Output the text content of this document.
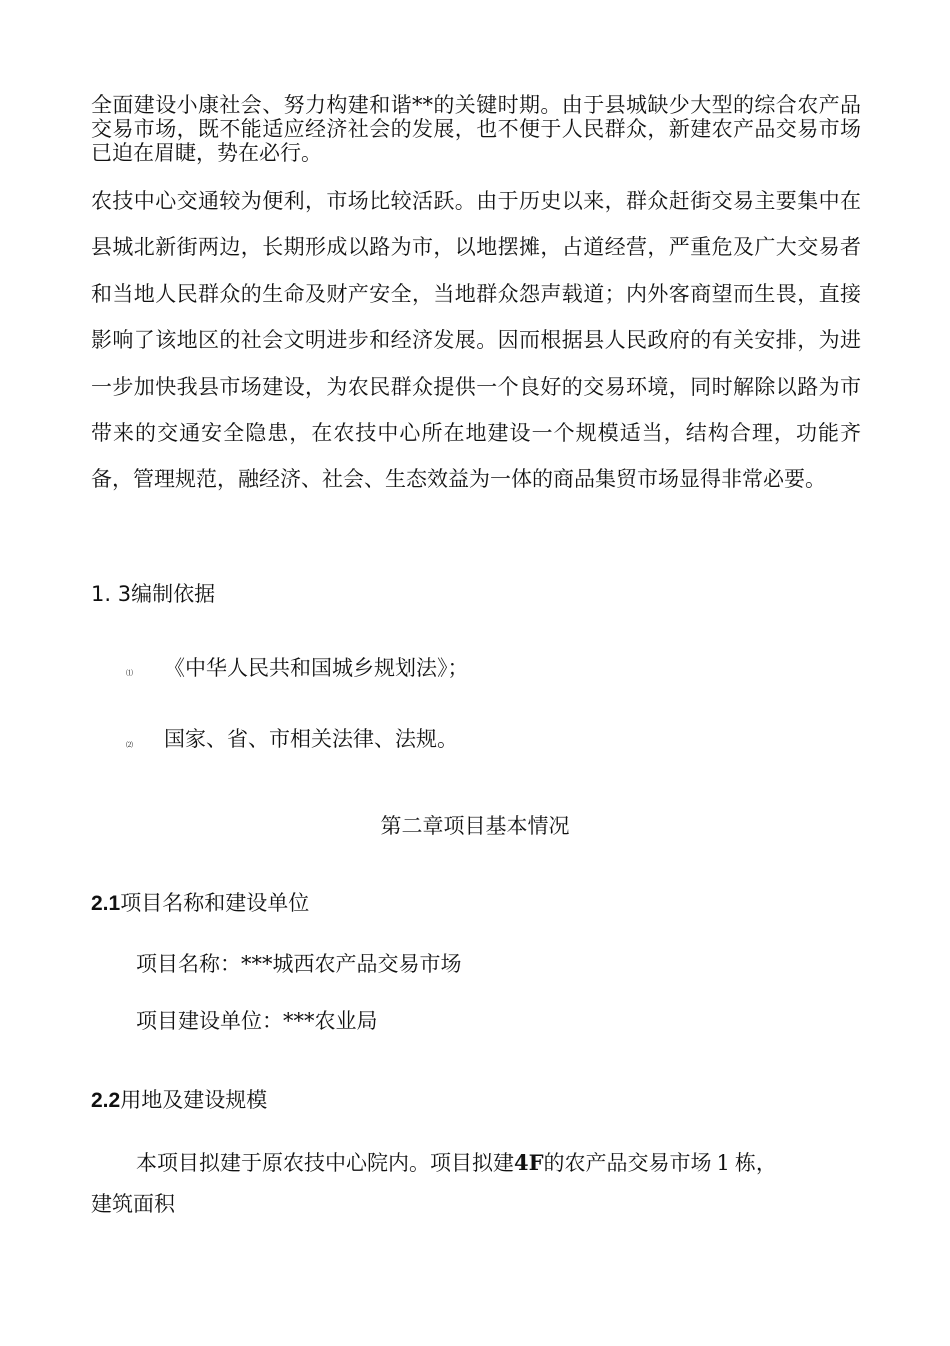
全面建设小康社会、努力构建和谐**的关键时期。由于县城缺少大型的综合农产品交易市场，既不能适应经济社会的发展，也不便于人民群众，新建农产品交易市场已迫在眉睫，势在必行。
农技中心交通较为便利，市场比较活跃。由于历史以来，群众赶街交易主要集中在县城北新街两边，长期形成以路为市，以地摆摊，占道经营，严重危及广大交易者和当地人民群众的生命及财产安全，当地群众怨声载道；内外客商望而生畏，直接影响了该地区的社会文明进步和经济发展。因而根据县人民政府的有关安排，为进一步加快我县市场建设，为农民群众提供一个良好的交易环境，同时解除以路为市带来的交通安全隐患，在农技中心所在地建设一个规模适当，结构合理，功能齐备，管理规范，融经济、社会、生态效益为一体的商品集贸市场显得非常必要。
1. 3编制依据
⑴ 《中华人民共和国城乡规划法》；
⑵ 国家、省、市相关法律、法规。
第二章项目基本情况
2.1项目名称和建设单位
项目名称：***城西农产品交易市场
项目建设单位：***农业局
2.2用地及建设规模
本项目拟建于原农技中心院内。项目拟建4F的农产品交易市场 1 栋，
建筑面积
